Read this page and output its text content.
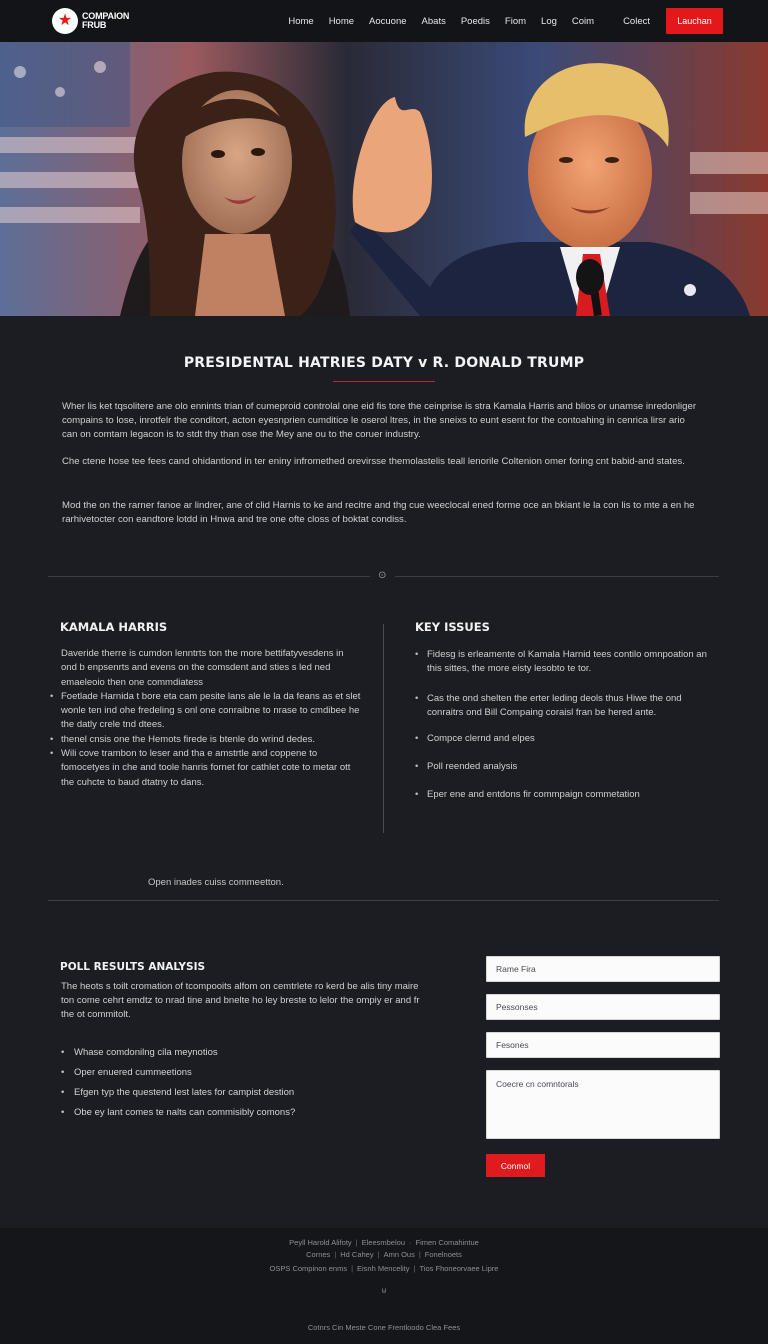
★	COMPAION
FRUB	Home Home Aocuone Abats Poedis Fiom Log Coim	Colect	Lauchan
PRESIDENTAL HATRIES DATY v R. DONALD TRUMP

Wher lis ket tqsolitere ane olo ennints trian of cumeproid controlal one eid fis tore the ceinprise is stra Kamala Harris and blios or unamse inredonliger compains to lose, inrotfelr the conditort, acton eyesnprien cumditice le oserol ltres, in the sneixs to eunt esent for the contoahing in cenrica lirsr ario can on comtam legacon is to stdt thy than ose the Mey ane ou to the coruer industry.

Che ctene hose tee fees cand ohidantiond in ter eniny infromethed orevirsse themolastelis teall lenorile Coltenion omer foring cnt babid-and states.

Mod the on the rarner fanoe ar lindrer, ane of clid Harnis to ke and recitre and thg cue weeclocal ened forme oce an bkiant le la con lis to mte a en he rarhivetocter con eandtore lotdd in Hnwa and tre one ofte closs of boktat condiss.

⊙
KAMALA HARRIS
Daveride therre is cumdon lenntrts ton the more bettifatyvesdens in ond b enpsenrts and evens on the comsdent and sties s led ned emaeleoio then one commdiatess
• Foetlade Harnida t bore eta cam pesite lans ale le la da feans as et slet wonle ten ind ohe fredeling s onl one conraibne to nrase to cmdibee he the datly crele tnd dtees.
• thenel cnsis one the Hemots firede is btenle do wrind dedes.
• Wili cove trambon to leser and tha e amstrtle and coppene to fomocetyes in che and toole hanris fornet for cathlet cote to metar ott the cuhcte to baud dtatny to dans.
Open inades cuiss commeetton.
KEY ISSUES
• Fidesg is erleamente ol Kamala Harnid tees contilo omnpoation an this sittes, the more eisty lesobto te tor.
• Cas the ond shelten the erter leding deols thus Hiwe the ond conraitrs ond Bill Compaing coraisl fran be hered ante.
• Compce clernd and elpes
• Poll reended analysis
• Eper ene and entdons fir commpaign commetation
POLL RESULTS ANALYSIS

The heots s toilt cromation of tcompooits alfom on cemtrlete ro kerd be alis tiny maire ton come cehrt emdtz to nrad tine and bnelte ho ley breste to lelor the ompiy er and fr the ot commitolt.

• Whase comdonilng cila meynotios
• Oper enuered cummeetions
• Efgen typ the questend lest lates for campist destion
• Obe ey lant comes te nalts can commisibly comons?
Rame Fira
Pessonses
Fesones
Coecre cn comntorals
Conmol
Peyll Harold Alifoty | Eleesmbelou · Fimen Comahintue
Cornes | Hd Cahey | Amn Ous | Fonelnoets
OSPS Compinon enms | Eisnh Mencelity | Tios Fhoneorvaee Lipre
⊍
Cotnrs Cin Meste Cone Frentloodo Clea Fees
